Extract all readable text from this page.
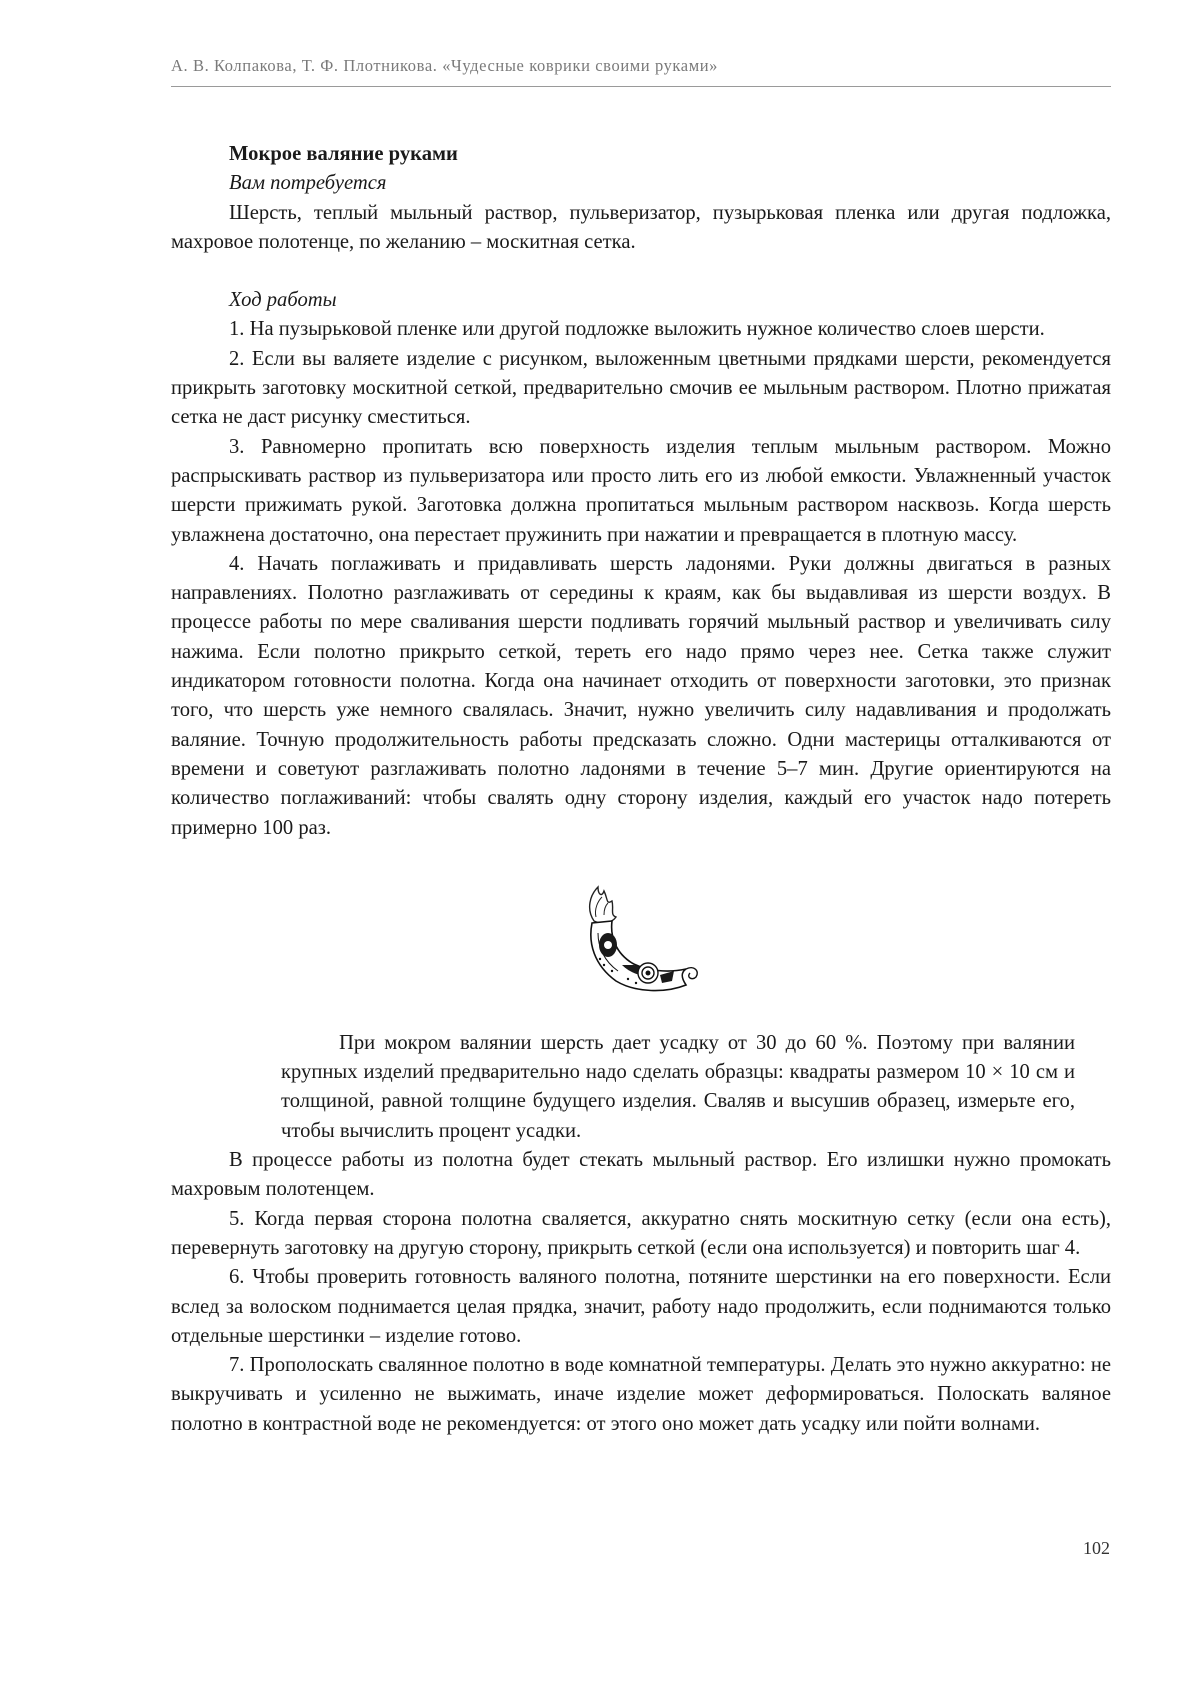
А. В. Колпакова, Т. Ф. Плотникова. «Чудесные коврики своими руками»
Мокрое валяние руками
Вам потребуется

Шерсть, теплый мыльный раствор, пульверизатор, пузырьковая пленка или другая подложка, махровое полотенце, по желанию – москитная сетка.

Ход работы

1. На пузырьковой пленке или другой подложке выложить нужное количество слоев шерсти.

2. Если вы валяете изделие с рисунком, выложенным цветными прядками шерсти, рекомендуется прикрыть заготовку москитной сеткой, предварительно смочив ее мыльным раствором. Плотно прижатая сетка не даст рисунку сместиться.

3. Равномерно пропитать всю поверхность изделия теплым мыльным раствором. Можно распрыскивать раствор из пульверизатора или просто лить его из любой емкости. Увлажненный участок шерсти прижимать рукой. Заготовка должна пропитаться мыльным раствором насквозь. Когда шерсть увлажнена достаточно, она перестает пружинить при нажатии и превращается в плотную массу.

4. Начать поглаживать и придавливать шерсть ладонями. Руки должны двигаться в разных направлениях. Полотно разглаживать от середины к краям, как бы выдавливая из шерсти воздух. В процессе работы по мере сваливания шерсти подливать горячий мыльный раствор и увеличивать силу нажима. Если полотно прикрыто сеткой, тереть его надо прямо через нее. Сетка также служит индикатором готовности полотна. Когда она начинает отходить от поверхности заготовки, это признак того, что шерсть уже немного свалялась. Значит, нужно увеличить силу надавливания и продолжать валяние. Точную продолжительность работы предсказать сложно. Одни мастерицы отталкиваются от времени и советуют разглаживать полотно ладонями в течение 5–7 мин. Другие ориентируются на количество поглаживаний: чтобы свалять одну сторону изделия, каждый его участок надо потереть примерно 100 раз.

При мокром валянии шерсть дает усадку от 30 до 60 %. Поэтому при валянии крупных изделий предварительно надо сделать образцы: квадраты размером 10 × 10 см и толщиной, равной толщине будущего изделия. Сваляв и высушив образец, измерьте его, чтобы вычислить процент усадки.

В процессе работы из полотна будет стекать мыльный раствор. Его излишки нужно промокать махровым полотенцем.

5. Когда первая сторона полотна сваляется, аккуратно снять москитную сетку (если она есть), перевернуть заготовку на другую сторону, прикрыть сеткой (если она используется) и повторить шаг 4.

6. Чтобы проверить готовность валяного полотна, потяните шерстинки на его поверхности. Если вслед за волоском поднимается целая прядка, значит, работу надо продолжить, если поднимаются только отдельные шерстинки – изделие готово.

7. Прополоскать свалянное полотно в воде комнатной температуры. Делать это нужно аккуратно: не выкручивать и усиленно не выжимать, иначе изделие может деформироваться. Полоскать валяное полотно в контрастной воде не рекомендуется: от этого оно может дать усадку или пойти волнами.

102
